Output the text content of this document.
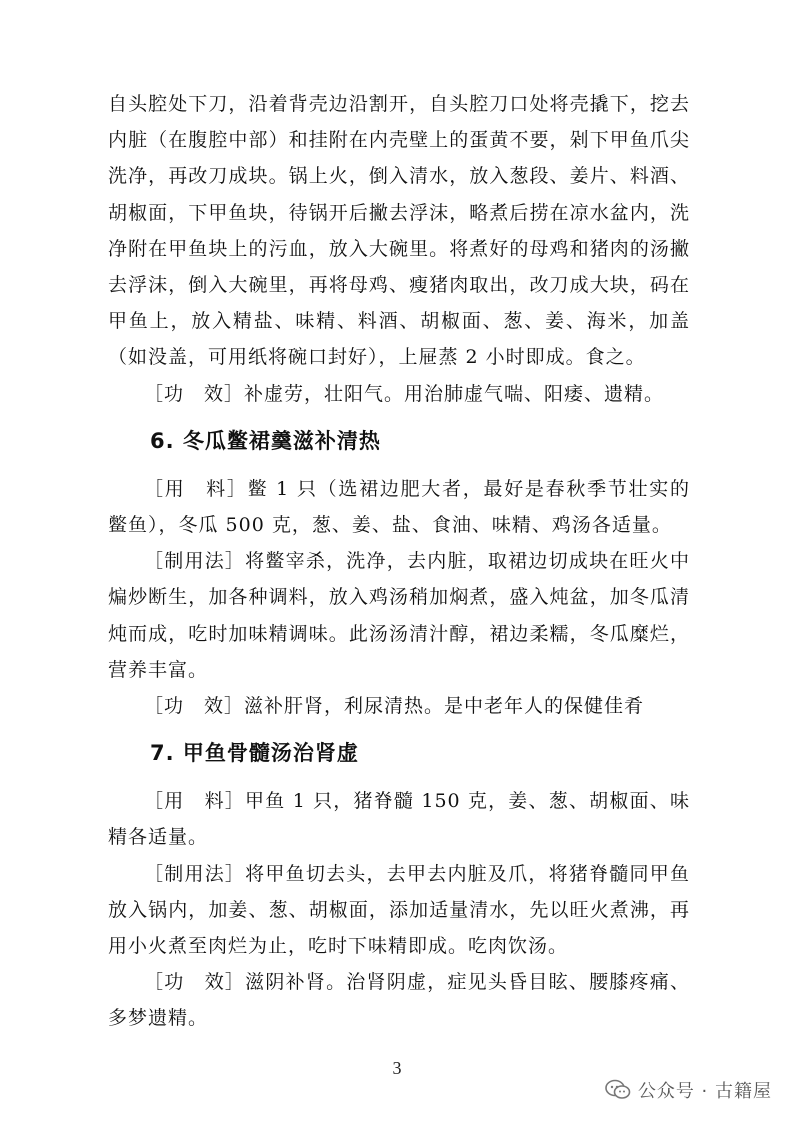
自头腔处下刀，沿着背壳边沿割开，自头腔刀口处将壳撬下，挖去内脏（在腹腔中部）和挂附在内壳壁上的蛋黄不要，剁下甲鱼爪尖洗净，再改刀成块。锅上火，倒入清水，放入葱段、姜片、料酒、胡椒面，下甲鱼块，待锅开后撇去浮沫，略煮后捞在凉水盆内，洗净附在甲鱼块上的污血，放入大碗里。将煮好的母鸡和猪肉的汤撇去浮沫，倒入大碗里，再将母鸡、瘦猪肉取出，改刀成大块，码在甲鱼上，放入精盐、味精、料酒、胡椒面、葱、姜、海米，加盖（如没盖，可用纸将碗口封好），上屉蒸 2 小时即成。食之。

［功　效］补虚劳，壮阳气。用治肺虚气喘、阳痿、遗精。

6. 冬瓜鳖裙羹滋补清热

［用　料］鳖 1 只（选裙边肥大者，最好是春秋季节壮实的鳖鱼），冬瓜 500 克，葱、姜、盐、食油、味精、鸡汤各适量。

［制用法］将鳖宰杀，洗净，去内脏，取裙边切成块在旺火中煸炒断生，加各种调料，放入鸡汤稍加焖煮，盛入炖盆，加冬瓜清炖而成，吃时加味精调味。此汤汤清汁醇，裙边柔糯，冬瓜糜烂，营养丰富。

［功　效］滋补肝肾，利尿清热。是中老年人的保健佳肴

7. 甲鱼骨髓汤治肾虚

［用　料］甲鱼 1 只，猪脊髓 150 克，姜、葱、胡椒面、味精各适量。

［制用法］将甲鱼切去头，去甲去内脏及爪，将猪脊髓同甲鱼放入锅内，加姜、葱、胡椒面，添加适量清水，先以旺火煮沸，再用小火煮至肉烂为止，吃时下味精即成。吃肉饮汤。

［功　效］滋阴补肾。治肾阴虚，症见头昏目眩、腰膝疼痛、多梦遗精。

3
公众号 · 古籍屋
